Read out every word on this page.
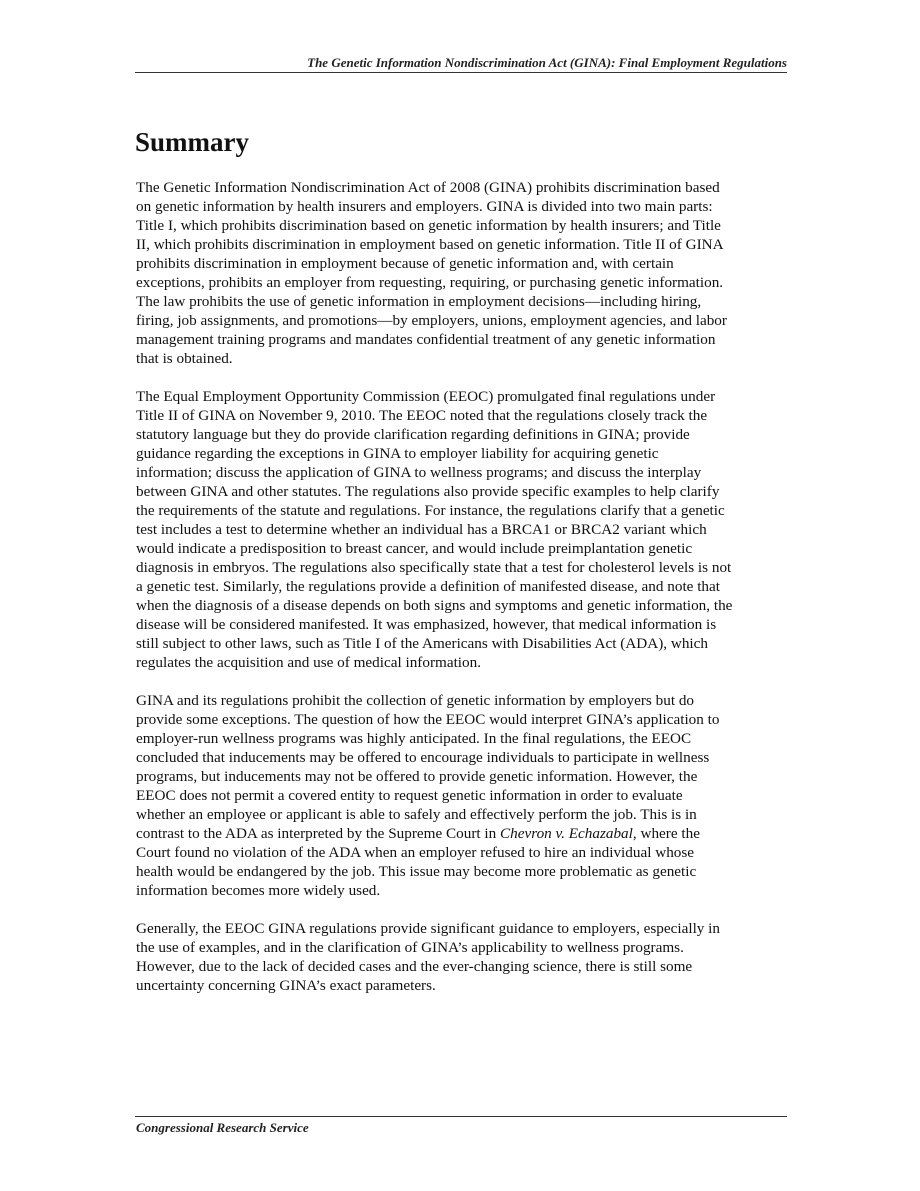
The Genetic Information Nondiscrimination Act (GINA): Final Employment Regulations
Summary

The Genetic Information Nondiscrimination Act of 2008 (GINA) prohibits discrimination based
on genetic information by health insurers and employers. GINA is divided into two main parts:
Title I, which prohibits discrimination based on genetic information by health insurers; and Title
II, which prohibits discrimination in employment based on genetic information. Title II of GINA
prohibits discrimination in employment because of genetic information and, with certain
exceptions, prohibits an employer from requesting, requiring, or purchasing genetic information.
The law prohibits the use of genetic information in employment decisions—including hiring,
firing, job assignments, and promotions—by employers, unions, employment agencies, and labor
management training programs and mandates confidential treatment of any genetic information
that is obtained.

The Equal Employment Opportunity Commission (EEOC) promulgated final regulations under
Title II of GINA on November 9, 2010. The EEOC noted that the regulations closely track the
statutory language but they do provide clarification regarding definitions in GINA; provide
guidance regarding the exceptions in GINA to employer liability for acquiring genetic
information; discuss the application of GINA to wellness programs; and discuss the interplay
between GINA and other statutes. The regulations also provide specific examples to help clarify
the requirements of the statute and regulations. For instance, the regulations clarify that a genetic
test includes a test to determine whether an individual has a BRCA1 or BRCA2 variant which
would indicate a predisposition to breast cancer, and would include preimplantation genetic
diagnosis in embryos. The regulations also specifically state that a test for cholesterol levels is not
a genetic test. Similarly, the regulations provide a definition of manifested disease, and note that
when the diagnosis of a disease depends on both signs and symptoms and genetic information, the
disease will be considered manifested. It was emphasized, however, that medical information is
still subject to other laws, such as Title I of the Americans with Disabilities Act (ADA), which
regulates the acquisition and use of medical information.

GINA and its regulations prohibit the collection of genetic information by employers but do
provide some exceptions. The question of how the EEOC would interpret GINA’s application to
employer-run wellness programs was highly anticipated. In the final regulations, the EEOC
concluded that inducements may be offered to encourage individuals to participate in wellness
programs, but inducements may not be offered to provide genetic information. However, the
EEOC does not permit a covered entity to request genetic information in order to evaluate
whether an employee or applicant is able to safely and effectively perform the job. This is in
contrast to the ADA as interpreted by the Supreme Court in Chevron v. Echazabal, where the
Court found no violation of the ADA when an employer refused to hire an individual whose
health would be endangered by the job. This issue may become more problematic as genetic
information becomes more widely used.

Generally, the EEOC GINA regulations provide significant guidance to employers, especially in
the use of examples, and in the clarification of GINA’s applicability to wellness programs.
However, due to the lack of decided cases and the ever-changing science, there is still some
uncertainty concerning GINA’s exact parameters.

Congressional Research Service
